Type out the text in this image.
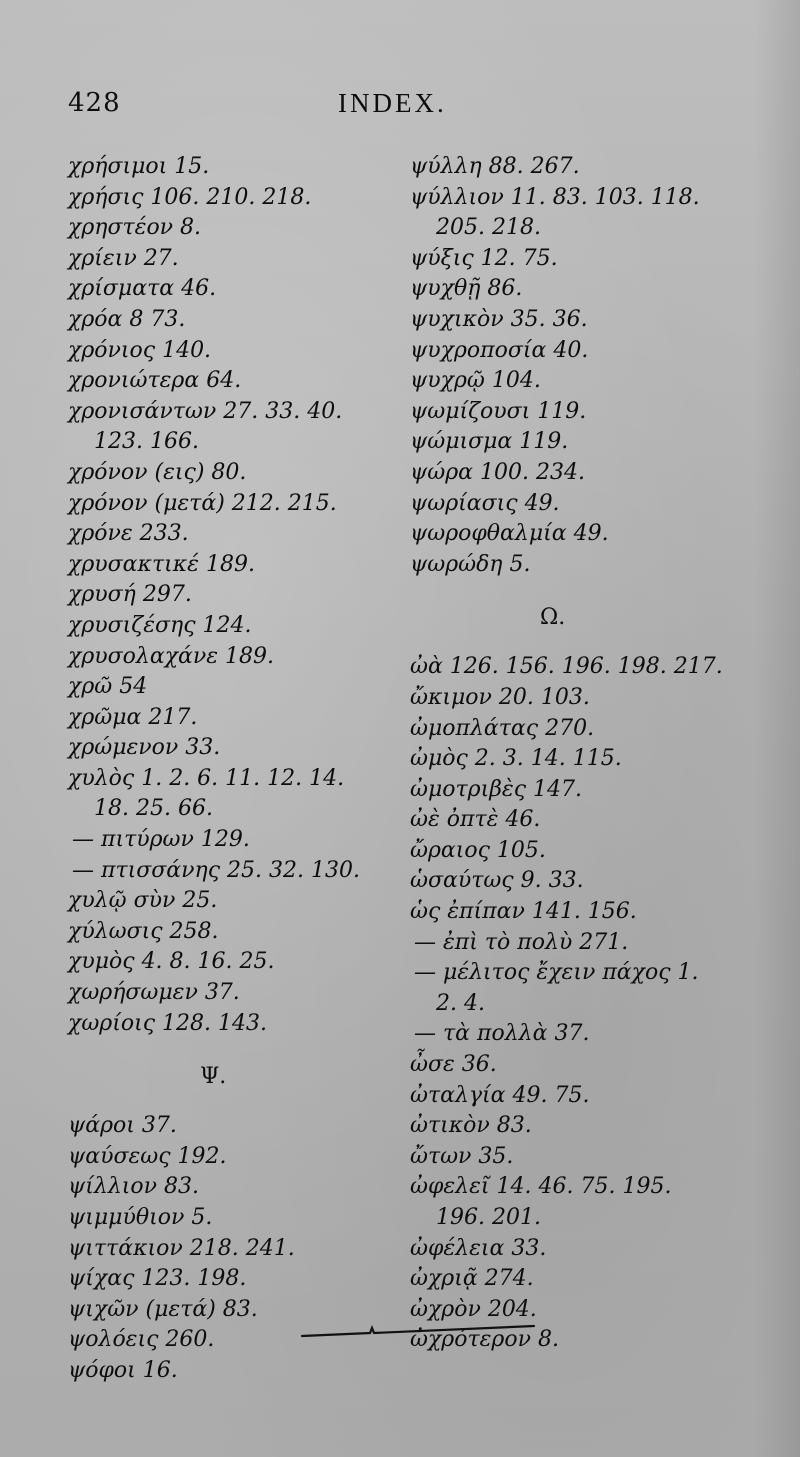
428	INDEX.
χρήσιμοι 15.
χρήσις 106. 210. 218.
χρηστέον 8.
χρίειν 27.
χρίσματα 46.
χρόα 8 73.
χρόνιος 140.
χρονιώτερα 64.
χρονισάντων 27. 33. 40.
123. 166.
χρόνον (εις) 80.
χρόνον (μετά) 212. 215.
χρόνε 233.
χρυσακτικέ 189.
χρυσή 297.
χρυσιζέσης 124.
χρυσολαχάνε 189.
χρῶ 54
χρῶμα 217.
χρώμενον 33.
χυλὸς 1. 2. 6. 11. 12. 14.
18. 25. 66.
— πιτύρων 129.
— πτισσάνης 25. 32. 130.
χυλῷ σὺν 25.
χύλωσις 258.
χυμὸς 4. 8. 16. 25.
χωρήσωμεν 37.
χωρίοις 128. 143.
Ψ.
ψάροι 37.
ψαύσεως 192.
ψίλλιον 83.
ψιμμύθιον 5.
ψιττάκιον 218. 241.
ψίχας 123. 198.
ψιχῶν (μετά) 83.
ψολόεις 260.
ψόφοι 16.
ψύλλη 88. 267.
ψύλλιον 11. 83. 103. 118.
205. 218.
ψύξις 12. 75.
ψυχθῇ 86.
ψυχικὸν 35. 36.
ψυχροποσία 40.
ψυχρῷ 104.
ψωμίζουσι 119.
ψώμισμα 119.
ψώρα 100. 234.
ψωρίασις 49.
ψωροφθαλμία 49.
ψωρώδη 5.
Ω.
ὠὰ 126. 156. 196. 198. 217.
ὤκιμον 20. 103.
ὠμοπλάτας 270.
ὠμὸς 2. 3. 14. 115.
ὠμοτριβὲς 147.
ὠὲ ὀπτὲ 46.
ὤραιος 105.
ὡσαύτως 9. 33.
ὡς ἐπίπαν 141. 156.
— ἐπὶ τὸ πολὺ 271.
— μέλιτος ἔχειν πάχος 1.
2. 4.
— τὰ πολλὰ 37.
ὦσε 36.
ὠταλγία 49. 75.
ὠτικὸν 83.
ὤτων 35.
ὠφελεῖ 14. 46. 75. 195.
196. 201.
ὠφέλεια 33.
ὠχριᾷ 274.
ὠχρὸν 204.
ὠχρότερον 8.
